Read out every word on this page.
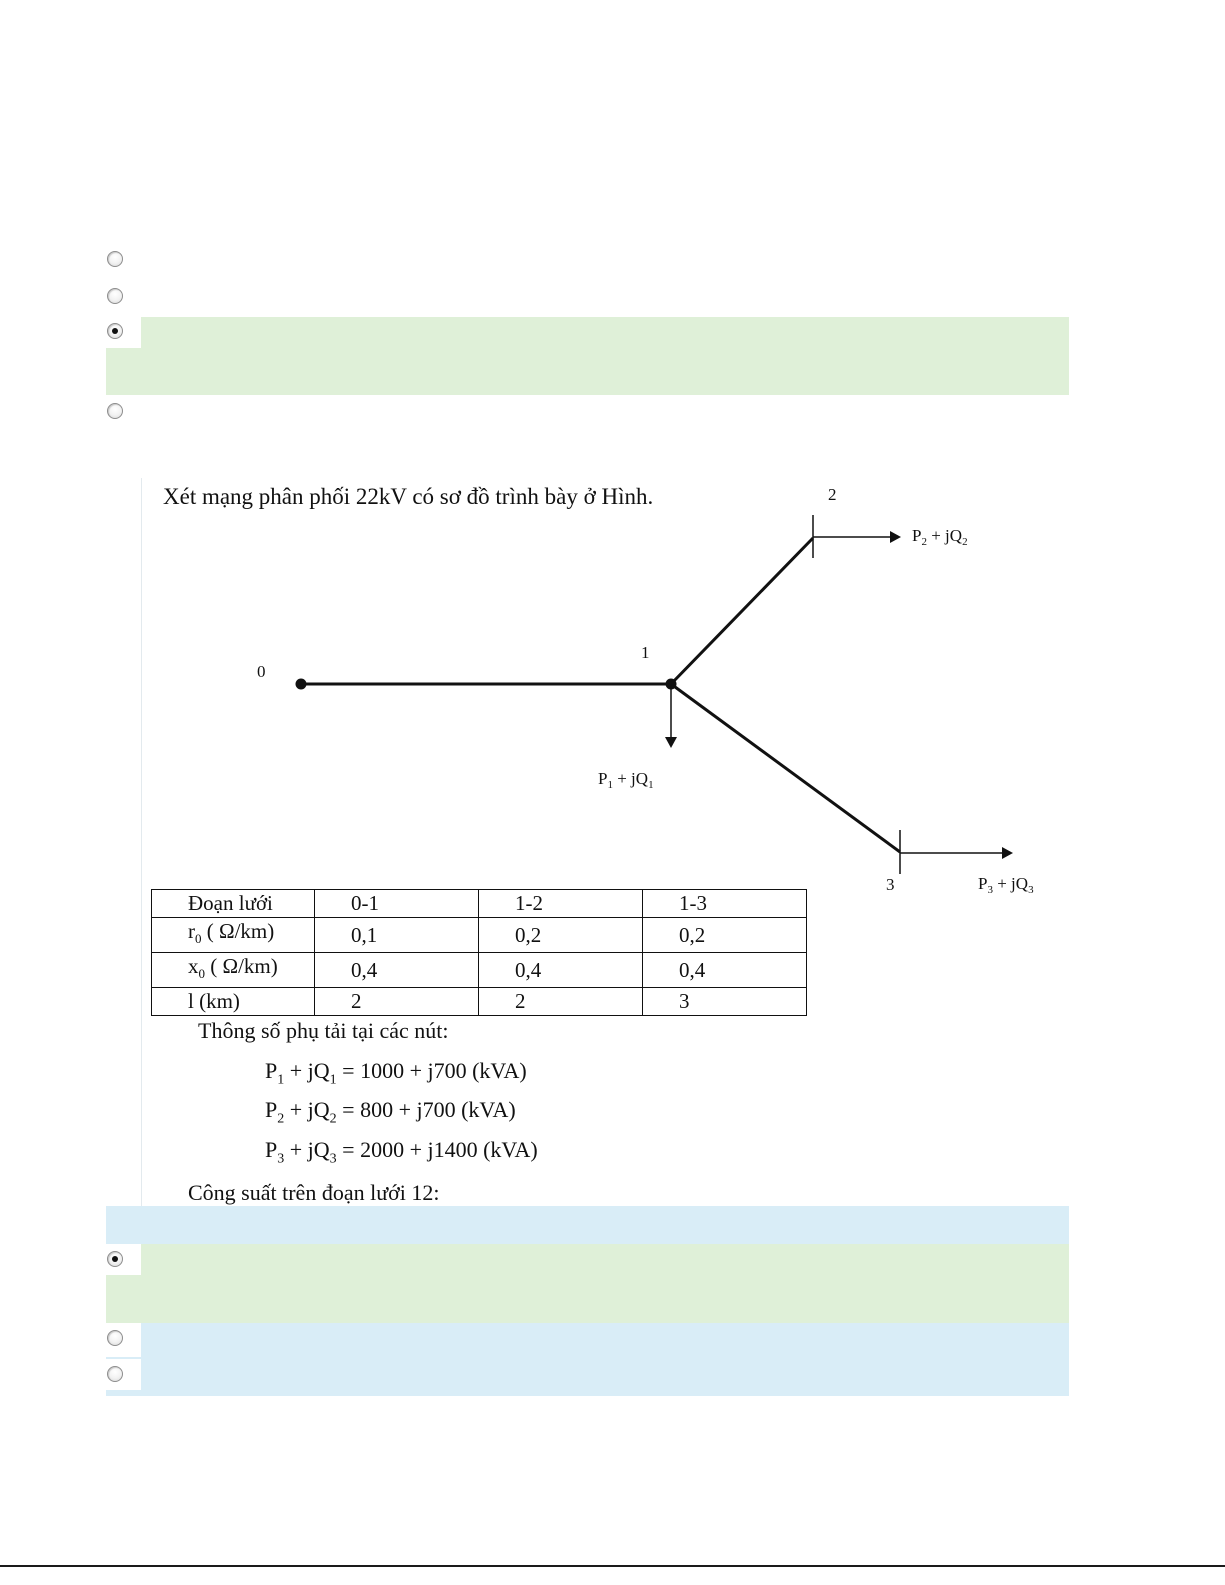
Xét mạng phân phối 22kV có sơ đồ trình bày ở Hình.
0
1
2
3
$P_1 + jQ_1$
$P_2 + jQ_2$
$P_3 + jQ_3$
Đoạn lưới	0-1	1-2	1-3
$r_0$ ( Ω/km)	0,1	0,2	0,2
$x_0$ ( Ω/km)	0,4	0,4	0,4
l (km)	2	2	3
Thông số phụ tải tại các nút:
$P_1 + jQ_1 = 1000 + j700$ (kVA)
$P_2 + jQ_2 = 800 + j700$ (kVA)
$P_3 + jQ_3 = 2000 + j1400$ (kVA)
Công suất trên đoạn lưới 12:
